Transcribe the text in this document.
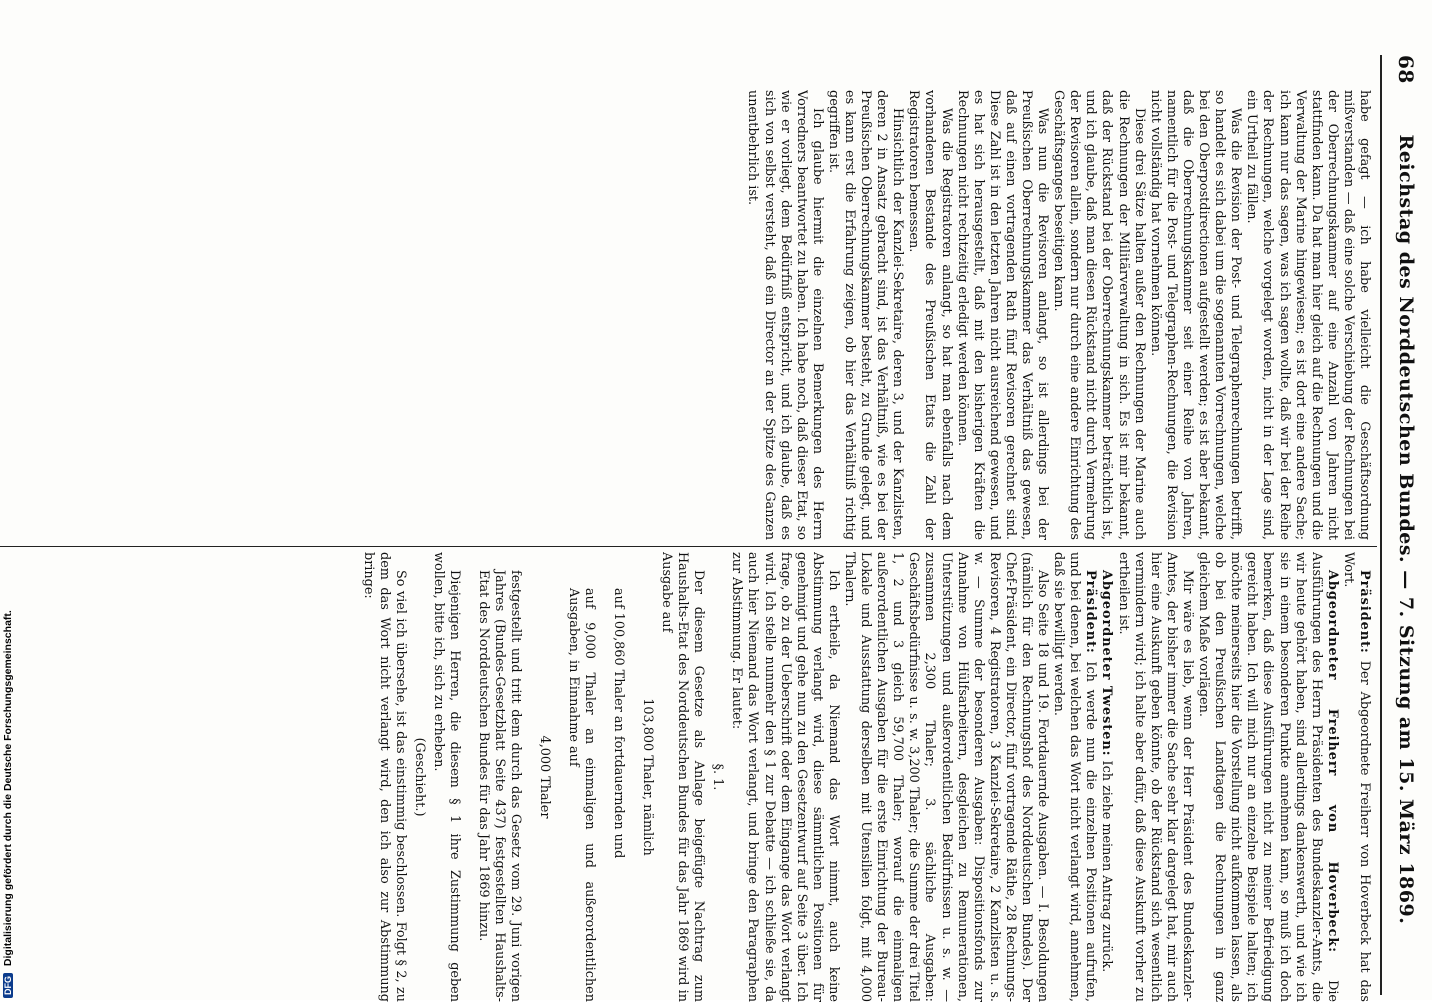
68
Reichstag des Norddeutschen Bundes. — 7. Sitzung am 15. März 1869.

habe gefagt — ich habe vielleicht die Geschäftsordnung mißverstanden — daß eine solche Verschiebung der Rechnungen bei der Oberrechnungskammer auf eine Anzahl von Jahren nicht stattfinden kann. Da hat man hier gleich auf die Rechnungen und die Verwaltung der Marine hingewiesen; es ist dort eine andere Sache; ich kann nur das sagen, was ich sagen wollte, daß wir bei der Reihe der Rechnungen, welche vorgelegt worden, nicht in der Lage sind, ein Urtheil zu fällen.

Was die Revision der Post- und Telegraphenrechnungen betrifft, so handelt es sich dabei um die sogenannten Vorrechnungen, welche bei den Oberpostdirectionen aufgestellt werden; es ist aber bekannt, daß die Oberrechnungskammer seit einer Reihe von Jahren, namentlich für die Post- und Telegraphen-Rechnungen, die Revision nicht vollständig hat vornehmen können.

Diese drei Sätze halten außer den Rechnungen der Marine auch die Rechnungen der Militärverwaltung in sich. Es ist mir bekannt, daß der Rückstand bei der Oberrechnungskammer beträchtlich ist, und ich glaube, daß man diesen Rückstand nicht durch Vermehrung der Revisoren allein, sondern nur durch eine andere Einrichtung des Geschäftsganges beseitigen kann.

Was nun die Revisoren anlangt, so ist allerdings bei der Preußischen Oberrechnungskammer das Verhältniß das gewesen, daß auf einen vortragenden Rath fünf Revisoren gerechnet sind. Diese Zahl ist in den letzten Jahren nicht ausreichend gewesen, und es hat sich herausgestellt, daß mit den bisherigen Kräften die Rechnungen nicht rechtzeitig erledigt werden können.

Was die Registratoren anlangt, so hat man ebenfalls nach dem vorhandenen Bestande des Preußischen Etats die Zahl der Registratoren bemessen.

Hinsichtlich der Kanzlei-Sekretaire, deren 3, und der Kanzlisten, deren 2 in Ansatz gebracht sind, ist das Verhältniß, wie es bei der Preußischen Oberrechnungskammer besteht, zu Grunde gelegt, und es kann erst die Erfahrung zeigen, ob hier das Verhältniß richtig gegriffen ist.

Ich glaube hiermit die einzelnen Bemerkungen des Herrn Vorredners beantwortet zu haben. Ich habe noch, daß dieser Etat, so wie er vorliegt, dem Bedürfniß entspricht, und ich glaube, daß es sich von selbst versteht, daß ein Director an der Spitze des Ganzen unentbehrlich ist.

Präsident: Der Abgeordnete Freiherr von Hoverbeck hat das Wort.

Abgeordneter Freiherr von Hoverbeck: Die Ausführungen des Herrn Präsidenten des Bundeskanzler-Amts, die wir heute gehört haben, sind allerdings dankenswerth, und wie ich sie in einem besonderen Punkte annehmen kann, so muß ich doch bemerken, daß diese Ausführungen nicht zu meiner Befriedigung gereicht haben. Ich will mich nur an einzelne Beispiele halten; ich möchte meinerseits hier die Vorstellung nicht aufkommen lassen, als ob bei den Preußischen Landtagen die Rechnungen in ganz gleichem Maße vorlägen.

Mir wäre es lieb, wenn der Herr Präsident des Bundeskanzler-Amtes, der bisher immer die Sache sehr klar dargelegt hat, mir auch hier eine Auskunft geben könnte, ob der Rückstand sich wesentlich vermindern wird; ich halte aber dafür, daß diese Auskunft vorher zu ertheilen ist.

Abgeordneter Twesten: Ich ziehe meinen Antrag zurück.

Präsident: Ich werde nun die einzelnen Positionen aufrufen, und bei denen, bei welchen das Wort nicht verlangt wird, annehmen, daß sie bewilligt werden.

Also Seite 18 und 19. Fortdauernde Ausgaben. — I. Besoldungen (nämlich für den Rechnungshof des Norddeutschen Bundes). Der Chef-Präsident, ein Director, fünf vortragende Räthe, 28 Rechnungs-Revisoren, 4 Registratoren, 3 Kanzlei-Sekretaire, 2 Kanzlisten u. s. w. — Summe der besonderen Ausgaben: Dispositionsfonds zur Annahme von Hülfsarbeitern, desgleichen zu Remunerationen, Unterstützungen und außerordentlichen Bedürfnissen u. s. w. — zusammen 2,300 Thaler; 3. sächliche Ausgaben: Geschäftsbedürfnisse u. s. w. 3,200 Thaler; die Summe der drei Titel 1, 2 und 3 gleich 59,700 Thaler; worauf die einmaligen außerordentlichen Ausgaben für die erste Einrichtung der Bureau-Lokale und Ausstattung derselben mit Utensilien folgt, mit 4,000 Thalern.

Ich ertheile, da Niemand das Wort nimmt, auch keine Abstimmung verlangt wird, diese sämmtlichen Positionen für genehmigt und gehe nun zu den Gesetzentwurf auf Seite 3 über. Ich frage, ob zu der Ueberschrift oder dem Eingange das Wort verlangt wird. Ich stelle nunmehr den § 1 zur Debatte — ich schließe sie, da auch hier Niemand das Wort verlangt, und bringe den Paragraphen zur Abstimmung. Er lautet:

§. 1.

Der diesem Gesetze als Anlage beigefügte Nachtrag zum Haushalts-Etat des Norddeutschen Bundes für das Jahr 1869 wird in Ausgabe auf

103,800 Thaler, nämlich

auf 100,860 Thaler an fortdauernden und

auf 9,000 Thaler an einmaligen und außerordentlichen Ausgaben, in Einnahme auf

4,000 Thaler

festgestellt und tritt dem durch das Gesetz vom 29. Juni vorigen Jahres (Bundes-Gesetzblatt Seite 437) festgestellten Haushalts-Etat des Norddeutschen Bundes für das Jahr 1869 hinzu.

Diejenigen Herren, die diesem § 1 ihre Zustimmung geben wollen, bitte ich, sich zu erheben.

(Geschieht.)

So viel ich übersehe, ist das einstimmig beschlossen. Folgt § 2, zu dem das Wort nicht verlangt wird, den ich also zur Abstimmung bringe:

DFG Digitalisierung gefördert durch die Deutsche Forschungsgemeinschaft.
